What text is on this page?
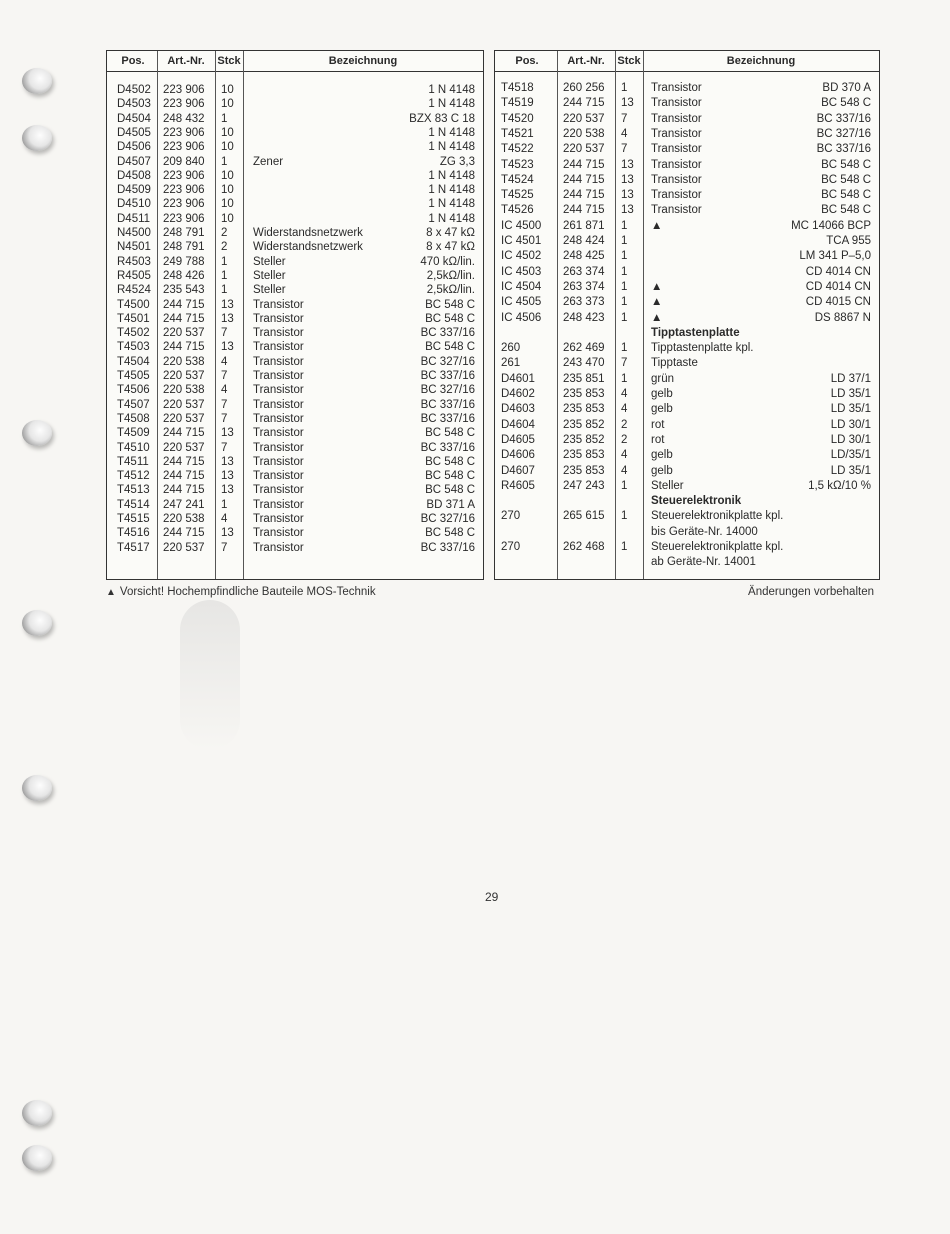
Pos.	Art.-Nr.	Stck	Bezeichnung
D4502 223 906 10	1 N 4148
D4503 223 906 10	1 N 4148
D4504 248 432 1	BZX 83 C 18
D4505 223 906 10	1 N 4148
D4506 223 906 10	1 N 4148
D4507 209 840 1 Zener	ZG 3,3
D4508 223 906 10	1 N 4148
D4509 223 906 10	1 N 4148
D4510 223 906 10	1 N 4148
D4511 223 906 10	1 N 4148
N4500 248 791 2 Widerstandsnetzwerk	8 x 47 kΩ
N4501 248 791 2 Widerstandsnetzwerk	8 x 47 kΩ
R4503 249 788 1 Steller	470 kΩ/lin.
R4505 248 426 1 Steller	2,5kΩ/lin.
R4524 235 543 1 Steller	2,5kΩ/lin.
T4500 244 715 13 Transistor	BC 548 C
T4501 244 715 13 Transistor	BC 548 C
T4502 220 537 7 Transistor	BC 337/16
T4503 244 715 13 Transistor	BC 548 C
T4504 220 538 4 Transistor	BC 327/16
T4505 220 537 7 Transistor	BC 337/16
T4506 220 538 4 Transistor	BC 327/16
T4507 220 537 7 Transistor	BC 337/16
T4508 220 537 7 Transistor	BC 337/16
T4509 244 715 13 Transistor	BC 548 C
T4510 220 537 7 Transistor	BC 337/16
T4511 244 715 13 Transistor	BC 548 C
T4512 244 715 13 Transistor	BC 548 C
T4513 244 715 13 Transistor	BC 548 C
T4514 247 241 1 Transistor	BD 371 A
T4515 220 538 4 Transistor	BC 327/16
T4516 244 715 13 Transistor	BC 548 C
T4517 220 537 7 Transistor	BC 337/16
Pos.	Art.-Nr.	Stck	Bezeichnung
T4518	260 256 1 Transistor	BD 370 A
T4519	244 715 13 Transistor	BC 548 C
T4520	220 537 7 Transistor	BC 337/16
T4521	220 538 4 Transistor	BC 327/16
T4522	220 537 7 Transistor	BC 337/16
T4523	244 715 13 Transistor	BC 548 C
T4524	244 715 13 Transistor	BC 548 C
T4525	244 715 13 Transistor	BC 548 C
T4526	244 715 13 Transistor	BC 548 C
IC 4500 261 871 1 ▲	MC 14066 BCP
IC 4501 248 424 1	TCA 955
IC 4502 248 425 1	LM 341 P–5,0
IC 4503 263 374 1	CD 4014 CN
IC 4504 263 374 1 ▲	CD 4014 CN
IC 4505 263 373 1 ▲	CD 4015 CN
IC 4506 248 423 1 ▲	DS 8867 N
Tipptastenplatte
260	262 469 1 Tipptastenplatte kpl.
261	243 470 7 Tipptaste
D4601 235 851 1 grün	LD 37/1
D4602 235 853 4 gelb	LD 35/1
D4603 235 853 4 gelb	LD 35/1
D4604 235 852 2 rot	LD 30/1
D4605 235 852 2 rot	LD 30/1
D4606 235 853 4 gelb	LD/35/1
D4607 235 853 4 gelb	LD 35/1
R4605 247 243 1 Steller	1,5 kΩ/10 %
Steuerelektronik
270	265 615 1 Steuerelektronikplatte kpl.
bis Geräte-Nr. 14000
270	262 468 1 Steuerelektronikplatte kpl.
ab Geräte-Nr. 14001
▲ Vorsicht! Hochempfindliche Bauteile MOS-Technik	Änderungen vorbehalten
29
